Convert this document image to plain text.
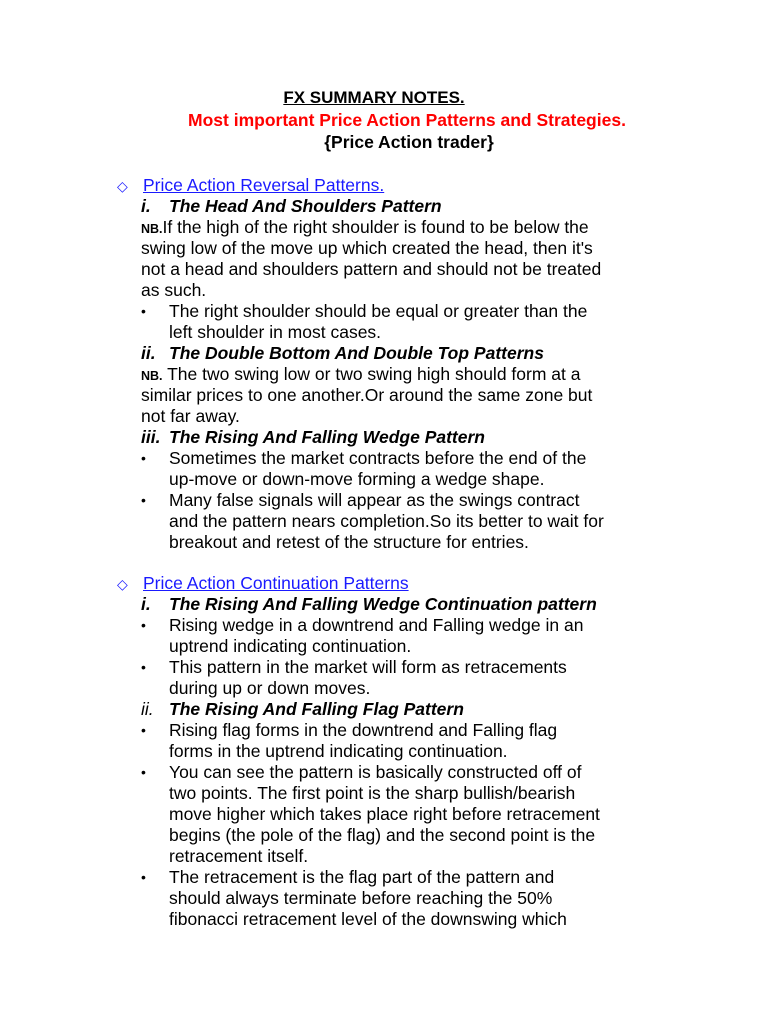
FX SUMMARY NOTES.
Most important Price Action Patterns and Strategies.
{Price Action trader}
◇ Price Action Reversal Patterns.
i. The Head And Shoulders Pattern
NB.If the high of the right shoulder is found to be below the
swing low of the move up which created the head, then it's
not a head and shoulders pattern and should not be treated
as such.
•	The right shoulder should be equal or greater than the
left shoulder in most cases.
ii. The Double Bottom And Double Top Patterns
NB. The two swing low or two swing high should form at a
similar prices to one another.Or around the same zone but
not far away.
iii. The Rising And Falling Wedge Pattern
•	Sometimes the market contracts before the end of the
up-move or down-move forming a wedge shape.
•	Many false signals will appear as the swings contract
and the pattern nears completion.So its better to wait for
breakout and retest of the structure for entries.
◇ Price Action Continuation Patterns
i. The Rising And Falling Wedge Continuation pattern
•	Rising wedge in a downtrend and Falling wedge in an
uptrend indicating continuation.
•	This pattern in the market will form as retracements
during up or down moves.
ii. The Rising And Falling Flag Pattern
•	Rising flag forms in the downtrend and Falling flag
forms in the uptrend indicating continuation.
•	You can see the pattern is basically constructed off of
two points. The first point is the sharp bullish/bearish
move higher which takes place right before retracement
begins (the pole of the flag) and the second point is the
retracement itself.
•	The retracement is the flag part of the pattern and
should always terminate before reaching the 50%
fibonacci retracement level of the downswing which
